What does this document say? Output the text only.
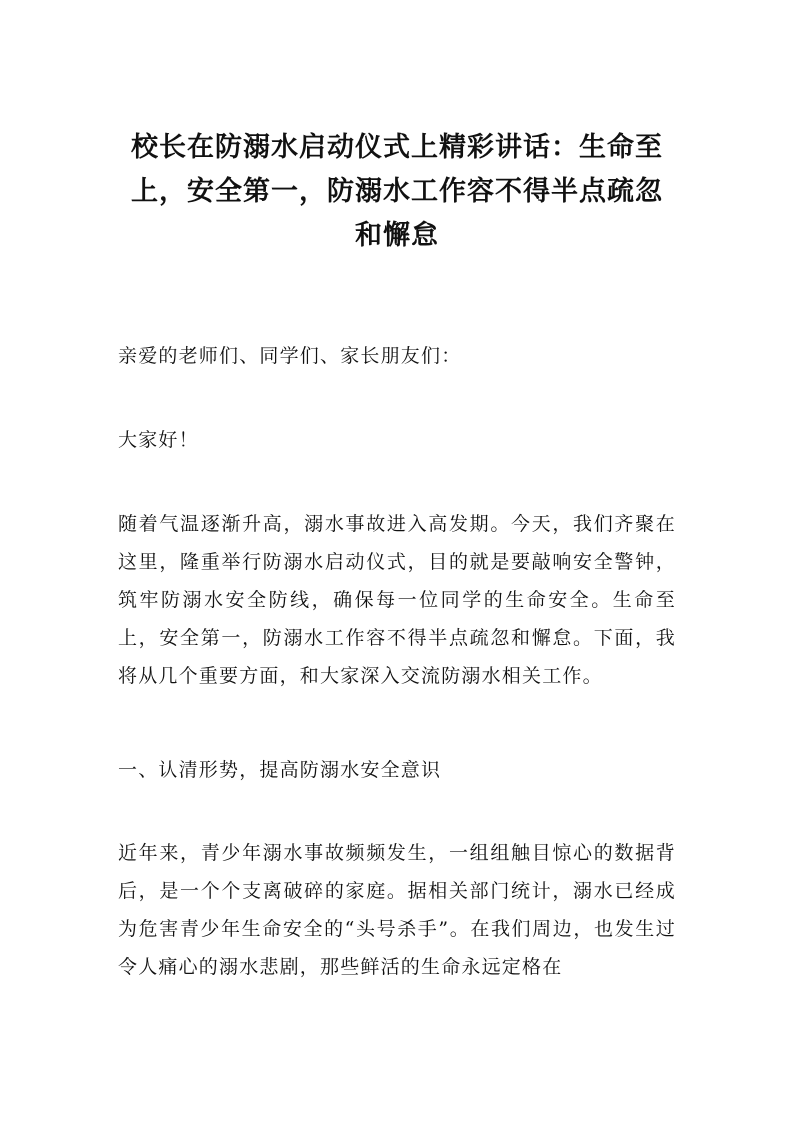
校长在防溺水启动仪式上精彩讲话：生命至上，安全第一，防溺水工作容不得半点疏忽和懈怠

亲爱的老师们、同学们、家长朋友们：

大家好！

随着气温逐渐升高，溺水事故进入高发期。今天，我们齐聚在这里，隆重举行防溺水启动仪式，目的就是要敲响安全警钟，筑牢防溺水安全防线，确保每一位同学的生命安全。生命至上，安全第一，防溺水工作容不得半点疏忽和懈怠。下面，我将从几个重要方面，和大家深入交流防溺水相关工作。

一、认清形势，提高防溺水安全意识

近年来，青少年溺水事故频频发生，一组组触目惊心的数据背后，是一个个支离破碎的家庭。据相关部门统计，溺水已经成为危害青少年生命安全的“头号杀手”。在我们周边，也发生过令人痛心的溺水悲剧，那些鲜活的生命永远定格在
